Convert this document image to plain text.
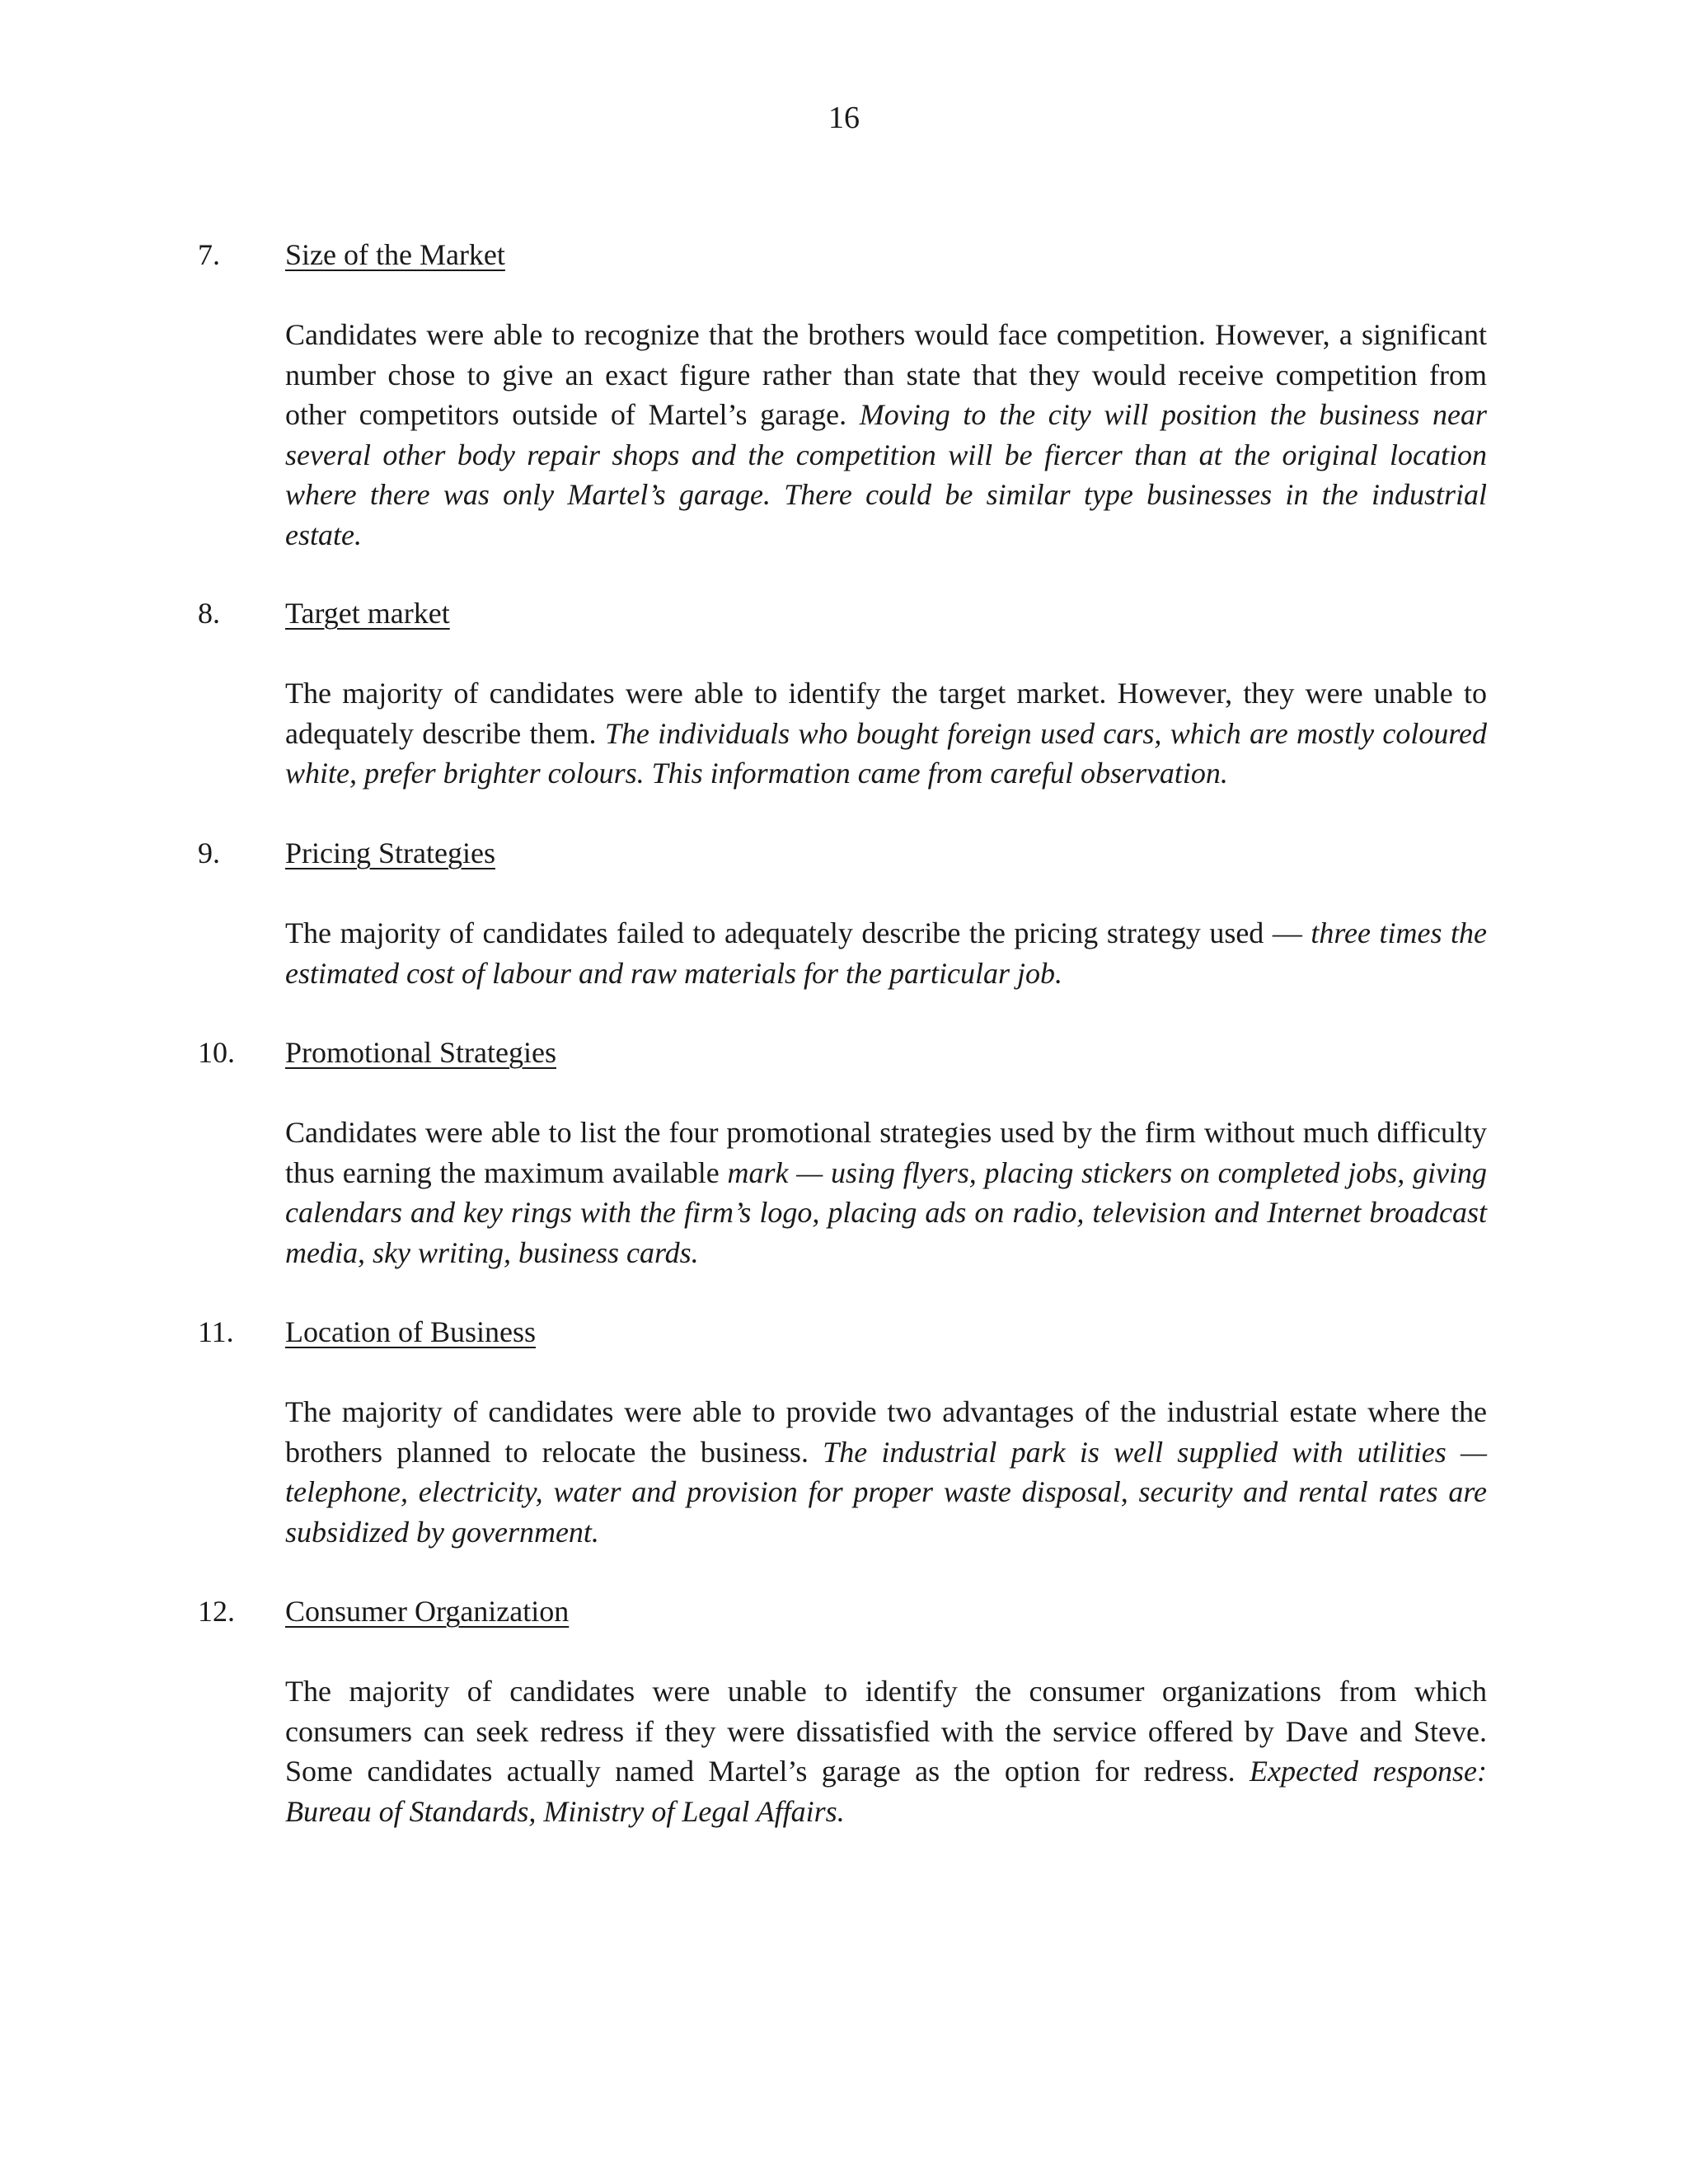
16
7. Size of the Market

Candidates were able to recognize that the brothers would face competition. However, a significant number chose to give an exact figure rather than state that they would receive competition from other competitors outside of Martel’s garage. Moving to the city will position the business near several other body repair shops and the competition will be fiercer than at the original location where there was only Martel’s garage. There could be similar type businesses in the industrial estate.

8. Target market

The majority of candidates were able to identify the target market. However, they were unable to adequately describe them. The individuals who bought foreign used cars, which are mostly coloured white, prefer brighter colours. This information came from careful observation.

9. Pricing Strategies

The majority of candidates failed to adequately describe the pricing strategy used — three times the estimated cost of labour and raw materials for the particular job.

10. Promotional Strategies

Candidates were able to list the four promotional strategies used by the firm without much difficulty thus earning the maximum available mark — using flyers, placing stickers on completed jobs, giving calendars and key rings with the firm’s logo, placing ads on radio, television and Internet broadcast media, sky writing, business cards.

11. Location of Business

The majority of candidates were able to provide two advantages of the industrial estate where the brothers planned to relocate the business. The industrial park is well supplied with utilities — telephone, electricity, water and provision for proper waste disposal, security and rental rates are subsidized by government.

12. Consumer Organization

The majority of candidates were unable to identify the consumer organizations from which consumers can seek redress if they were dissatisfied with the service offered by Dave and Steve. Some candidates actually named Martel’s garage as the option for redress. Expected response: Bureau of Standards, Ministry of Legal Affairs.
